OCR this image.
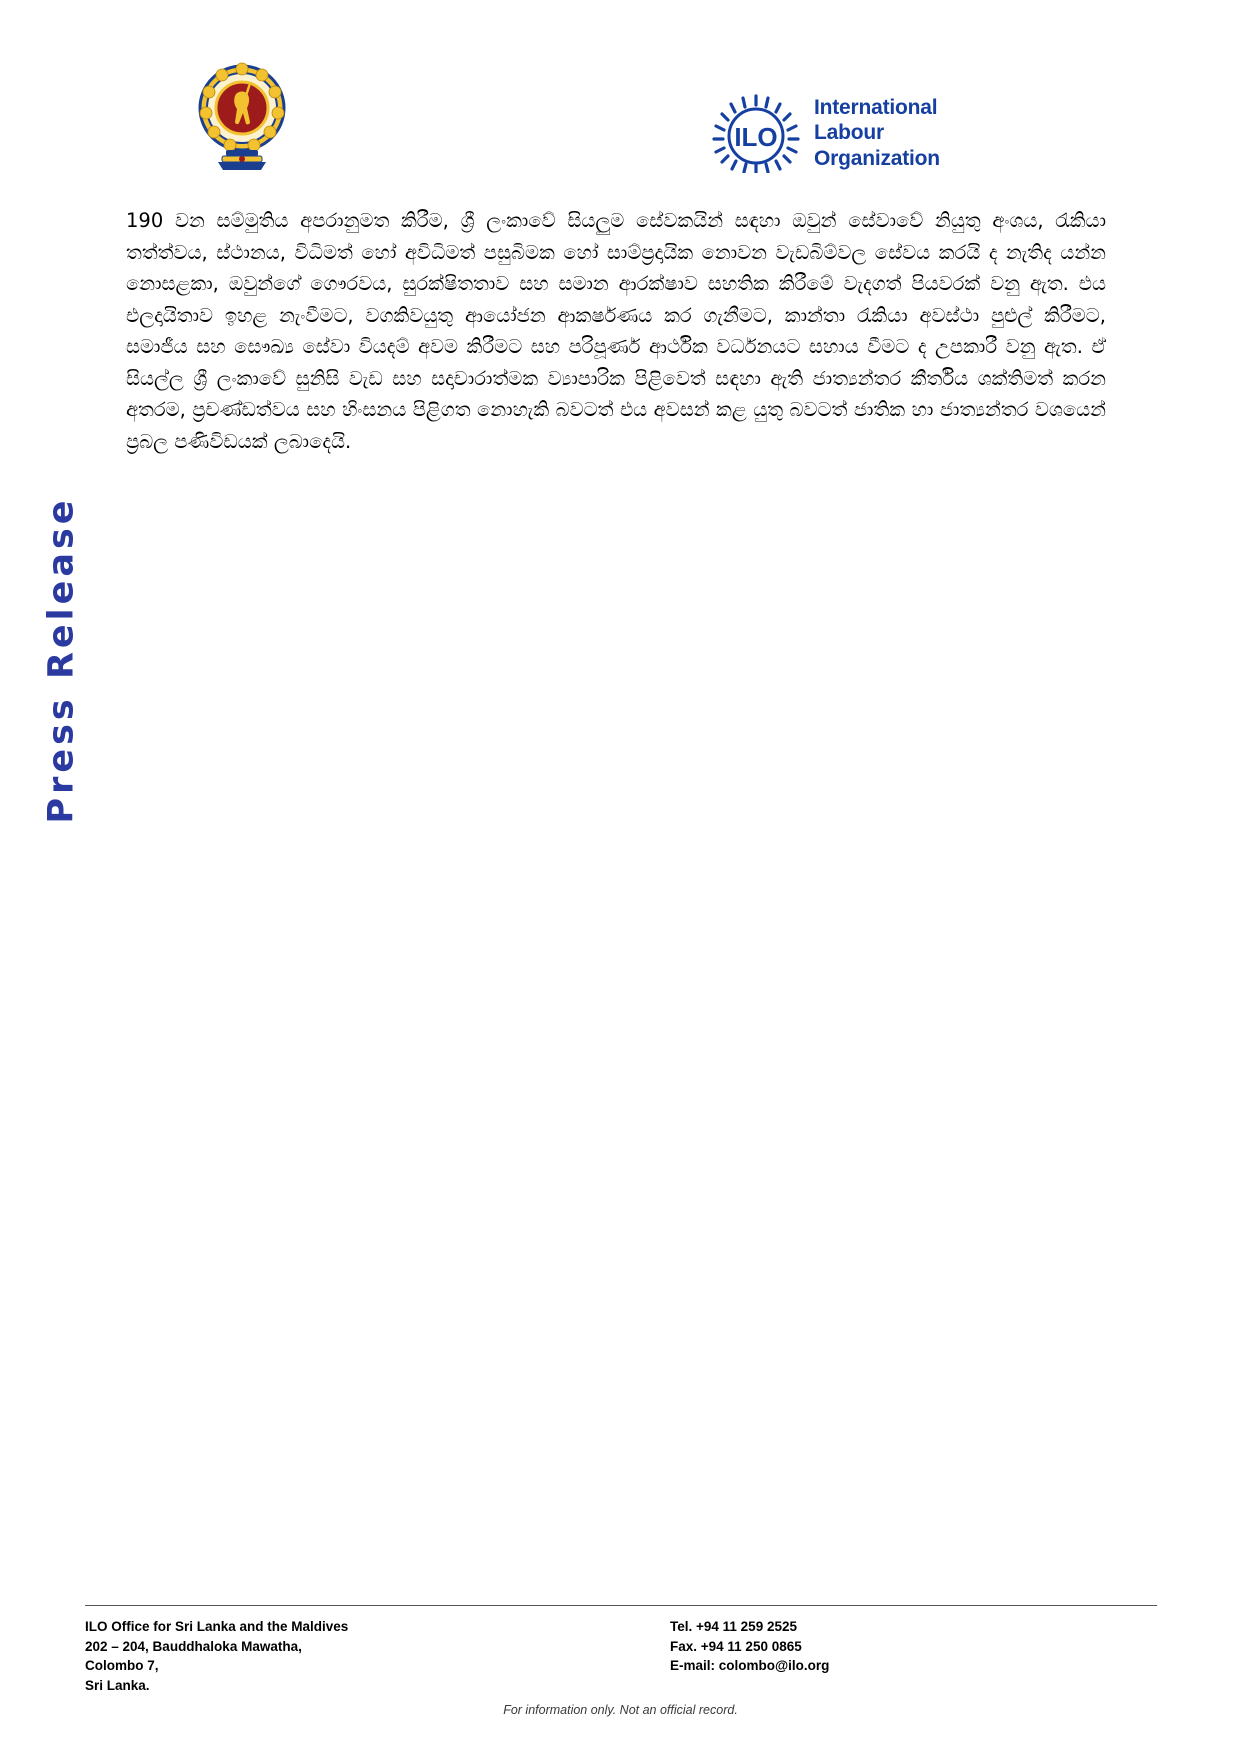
ILO
International
Labour
Organization
190 වන සම්මුතිය අපරානුමත කිරීම, ශ්‍රී ලංකාවේ සියලුම සේවකයින් සඳහා ඔවුන් සේවාවේ නියුතු අංශය, රැකියා තත්ත්වය, ස්ථානය, විධිමත් හෝ අවිධිමත් පසුබිමක හෝ සාම්ප්‍රදායික නොවන වැඩබිම්වල සේවය කරයි ද නැතිද යන්න නොසළකා, ඔවුන්ගේ ගෞරවය, සුරක්ෂිතතාව සහ සමාන ආරක්ෂාව සහතික කිරීමේ වැදගත් පියවරක් වනු ඇත. එය එලදායිතාව ඉහළ නැංවීමට, වගකිවයුතු ආයෝජන ආකර්ෂණය කර ගැනීමට, කාන්තා රැකියා අවස්ථා පුළුල් කිරීමට, සමාජීය සහ සෞඛ්‍ය සේවා වියදම් අවම කිරීමට සහ පරිපූර්ණ ආර්ථික වර්ධනයට සහාය වීමට ද උපකාරී වනු ඇත. ඒ සියල්ල ශ්‍රී ලංකාවේ සුනිසි වැඩ සහ සදාචාරාත්මක ව්‍යාපාරික පිළිවෙත් සඳහා ඇති ජාත්‍යන්තර කීර්තිය ශක්තිමත් කරන අතරම, ප්‍රචණ්ඩත්වය සහ හිංසනය පිළිගත නොහැකි බවටත් එය අවසන් කළ යුතු බවටත් ජාතික හා ජාත්‍යන්තර වශයෙන් ප්‍රබල පණිවිඩයක් ලබාදෙයි.
Press Release
ILO Office for Sri Lanka and the Maldives
202 – 204, Bauddhaloka Mawatha,
Colombo 7,
Sri Lanka.
Tel. +94 11 259 2525
Fax. +94 11 250 0865
E-mail: colombo@ilo.org
For information only. Not an official record.
